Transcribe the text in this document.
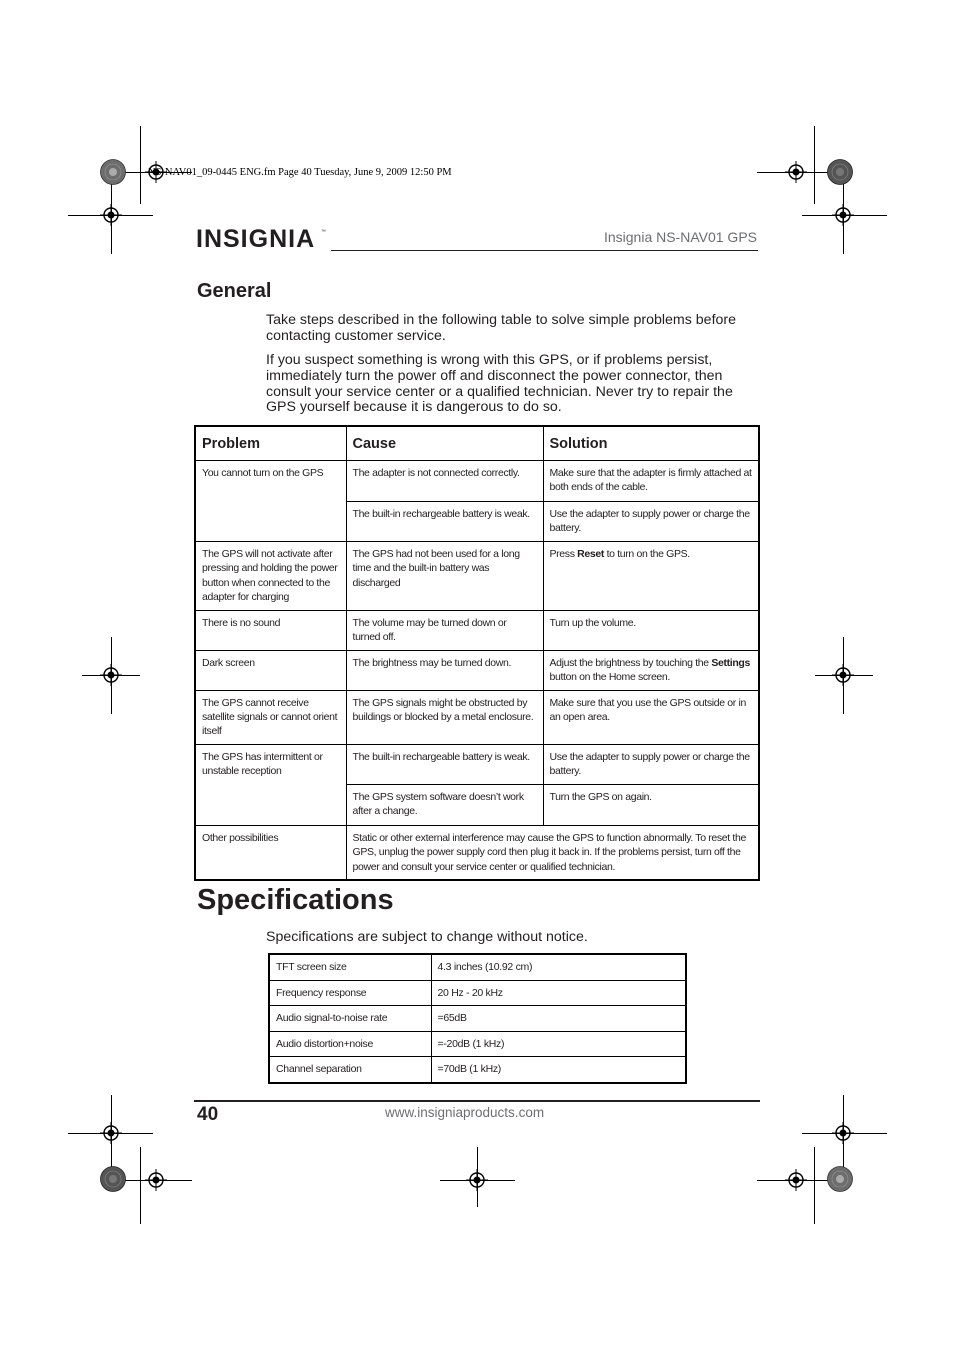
NS-NAV01_09-0445 ENG.fm Page 40 Tuesday, June 9, 2009 12:50 PM
INSIGNIA ™	Insignia NS-NAV01 GPS
General

Take steps described in the following table to solve simple problems before contacting customer service.

If you suspect something is wrong with this GPS, or if problems persist, immediately turn the power off and disconnect the power connector, then consult your service center or a qualified technician. Never try to repair the GPS yourself because it is dangerous to do so.

Problem	Cause	Solution
You cannot turn on the GPS	The adapter is not connected correctly.	Make sure that the adapter is firmly attached at both ends of the cable.
	The built-in rechargeable battery is weak.	Use the adapter to supply power or charge the battery.
The GPS will not activate after pressing and holding the power button when connected to the adapter for charging	The GPS had not been used for a long time and the built-in battery was discharged	Press Reset to turn on the GPS.
There is no sound	The volume may be turned down or turned off.	Turn up the volume.
Dark screen	The brightness may be turned down.	Adjust the brightness by touching the Settings button on the Home screen.
The GPS cannot receive satellite signals or cannot orient itself	The GPS signals might be obstructed by buildings or blocked by a metal enclosure.	Make sure that you use the GPS outside or in an open area.
The GPS has intermittent or unstable reception	The built-in rechargeable battery is weak.	Use the adapter to supply power or charge the battery.
	The GPS system software doesn’t work after a change.	Turn the GPS on again.
Other possibilities	Static or other external interference may cause the GPS to function abnormally. To reset the GPS, unplug the power supply cord then plug it back in. If the problems persist, turn off the power and consult your service center or qualified technician.	
Specifications

Specifications are subject to change without notice.

TFT screen size	4.3 inches (10.92 cm)
Frequency response	20 Hz - 20 kHz
Audio signal-to-noise rate	=65dB
Audio distortion+noise	=-20dB (1 kHz)
Channel separation	=70dB (1 kHz)
40	www.insigniaproducts.com
